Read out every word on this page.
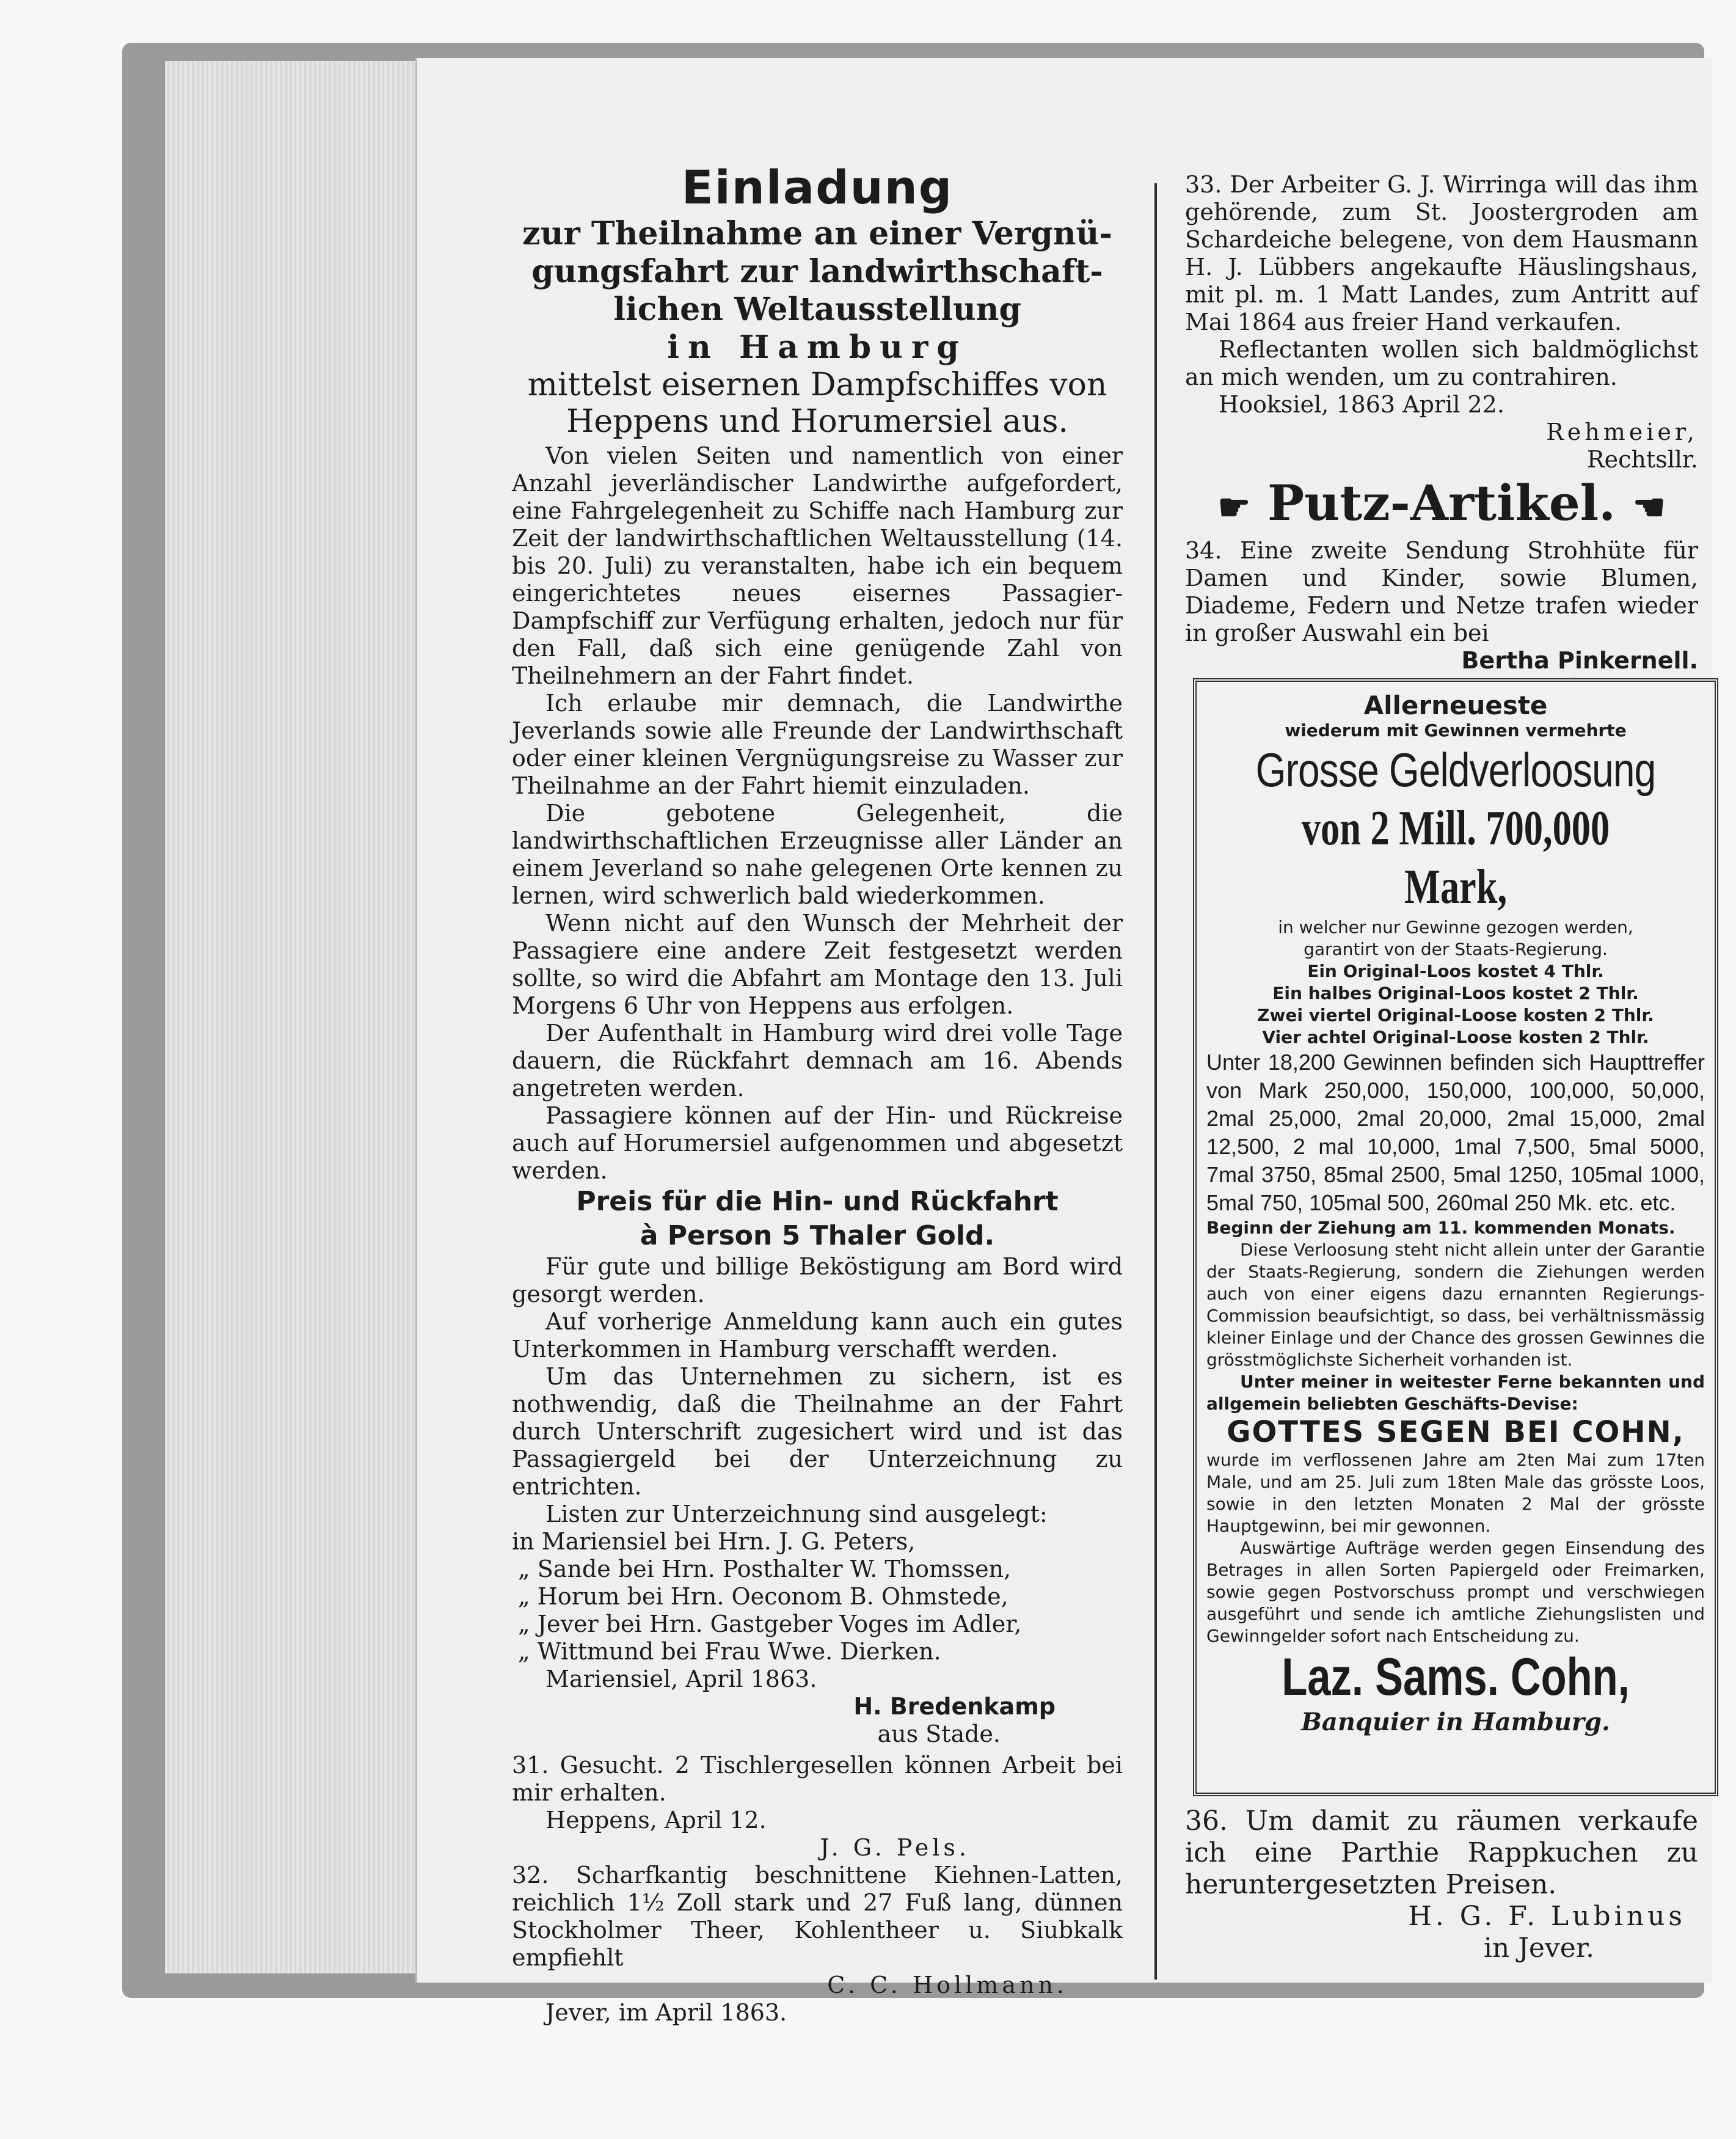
Einladung
zur Theilnahme an einer Vergnü-
gungsfahrt zur landwirthschaft-
lichen Weltausstellung
in Hamburg
mittelst eisernen Dampfschiffes von
Heppens und Horumersiel aus.

Von vielen Seiten und namentlich von einer Anzahl jeverländischer Landwirthe aufgefordert, eine Fahrgelegenheit zu Schiffe nach Hamburg zur Zeit der landwirthschaftlichen Weltausstellung (14. bis 20. Juli) zu veranstalten, habe ich ein bequem eingerichtetes neues eisernes Passagier-Dampfschiff zur Verfügung erhalten, jedoch nur für den Fall, daß sich eine genügende Zahl von Theilnehmern an der Fahrt findet.

Ich erlaube mir demnach, die Landwirthe Jeverlands sowie alle Freunde der Landwirthschaft oder einer kleinen Vergnügungsreise zu Wasser zur Theilnahme an der Fahrt hiemit einzuladen.

Die gebotene Gelegenheit, die landwirthschaftlichen Erzeugnisse aller Länder an einem Jeverland so nahe gelegenen Orte kennen zu lernen, wird schwerlich bald wiederkommen.

Wenn nicht auf den Wunsch der Mehrheit der Passagiere eine andere Zeit festgesetzt werden sollte, so wird die Abfahrt am Montage den 13. Juli Morgens 6 Uhr von Heppens aus erfolgen.

Der Aufenthalt in Hamburg wird drei volle Tage dauern, die Rückfahrt demnach am 16. Abends angetreten werden.

Passagiere können auf der Hin- und Rückreise auch auf Horumersiel aufgenommen und abgesetzt werden.

Preis für die Hin- und Rückfahrt
à Person 5 Thaler Gold.

Für gute und billige Beköstigung am Bord wird gesorgt werden.

Auf vorherige Anmeldung kann auch ein gutes Unterkommen in Hamburg verschafft werden.

Um das Unternehmen zu sichern, ist es nothwendig, daß die Theilnahme an der Fahrt durch Unterschrift zugesichert wird und ist das Passagiergeld bei der Unterzeichnung zu entrichten.

Listen zur Unterzeichnung sind ausgelegt:

in Mariensiel bei Hrn. J. G. Peters,

„ Sande bei Hrn. Posthalter W. Thomssen,

„ Horum bei Hrn. Oeconom B. Ohmstede,

„ Jever bei Hrn. Gastgeber Voges im Adler,

„ Wittmund bei Frau Wwe. Dierken.

Mariensiel, April 1863.

H. Bredenkamp

aus Stade.

31. Gesucht. 2 Tischlergesellen können Arbeit bei mir erhalten.

Heppens, April 12.

J. G. Pels.

32. Scharfkantig beschnittene Kiehnen-Latten, reichlich 1½ Zoll stark und 27 Fuß lang, dünnen Stockholmer Theer, Kohlentheer u. Siubkalk empfiehlt

C. C. Hollmann.

Jever, im April 1863.

33. Der Arbeiter G. J. Wirringa will das ihm gehörende, zum St. Joostergroden am Schardeiche belegene, von dem Hausmann H. J. Lübbers angekaufte Häuslingshaus, mit pl. m. 1 Matt Landes, zum Antritt auf Mai 1864 aus freier Hand verkaufen.

Reflectanten wollen sich baldmöglichst an mich wenden, um zu contrahiren.

Hooksiel, 1863 April 22.

Rehmeier,

Rechtsllr.

☛ Putz-Artikel. ☛

34. Eine zweite Sendung Strohhüte für Damen und Kinder, sowie Blumen, Diademe, Federn und Netze trafen wieder in großer Auswahl ein bei

Bertha Pinkernell.

Allerneueste
wiederum mit Gewinnen vermehrte
Grosse Geldverloosung
von 2 Mill. 700,000 Mark,
in welcher nur Gewinne gezogen werden, garantirt von der Staats-Regierung.
Ein Original-Loos kostet 4 Thlr.
Ein halbes Original-Loos kostet 2 Thlr.
Zwei viertel Original-Loose kosten 2 Thlr.
Vier achtel Original-Loose kosten 2 Thlr.
Unter 18,200 Gewinnen befinden sich Haupttreffer von Mark 250,000, 150,000, 100,000, 50,000, 2mal 25,000, 2mal 20,000, 2mal 15,000, 2mal 12,500, 2 mal 10,000, 1mal 7,500, 5mal 5000, 7mal 3750, 85mal 2500, 5mal 1250, 105mal 1000, 5mal 750, 105mal 500, 260mal 250 Mk. etc. etc.
Beginn der Ziehung am 11. kommenden Monats.
Diese Verloosung steht nicht allein unter der Garantie der Staats-Regierung, sondern die Ziehungen werden auch von einer eigens dazu ernannten Regierungs-Commission beaufsichtigt, so dass, bei verhältnissmässig kleiner Einlage und der Chance des grossen Gewinnes die grösstmöglichste Sicherheit vorhanden ist.
Unter meiner in weitester Ferne bekannten und allgemein beliebten Geschäfts-Devise:
GOTTES SEGEN BEI COHN,
wurde im verflossenen Jahre am 2ten Mai zum 17ten Male, und am 25. Juli zum 18ten Male das grösste Loos, sowie in den letzten Monaten 2 Mal der grösste Hauptgewinn, bei mir gewonnen.
Auswärtige Aufträge werden gegen Einsendung des Betrages in allen Sorten Papiergeld oder Freimarken, sowie gegen Postvorschuss prompt und verschwiegen ausgeführt und sende ich amtliche Ziehungslisten und Gewinngelder sofort nach Entscheidung zu.
Laz. Sams. Cohn,
Banquier in Hamburg.

36. Um damit zu räumen verkaufe ich eine Parthie Rappkuchen zu heruntergesetzten Preisen.

H. G. F. Lubinus

in Jever.
